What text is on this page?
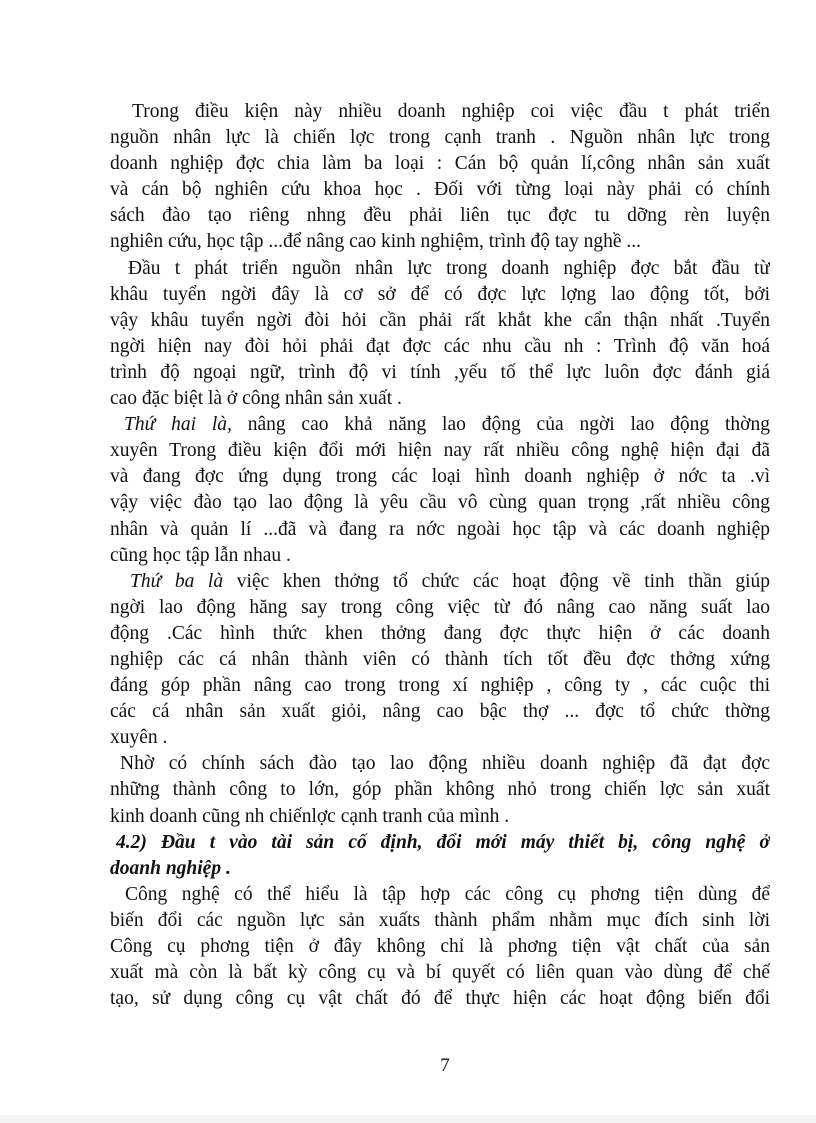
Trong điều kiện này nhiều doanh nghiệp coi việc đầu t phát triển
nguồn nhân lực là chiến lợc trong cạnh tranh . Nguồn nhân lực trong
doanh nghiệp đợc chia làm ba loại : Cán bộ quản lí,công nhân sản xuất
và cán bộ nghiên cứu khoa học . Đối với từng loại này phải có chính
sách đào tạo riêng nhng đều phải liên tục đợc tu dỡng rèn luyện
nghiên cứu, học tập ...để nâng cao kinh nghiệm, trình độ tay nghề ...
Đầu t phát triển nguồn nhân lực trong doanh nghiệp đợc bắt đầu từ
khâu tuyển ngời đây là cơ sở để có đợc lực lợng lao động tốt, bởi
vậy khâu tuyển ngời đòi hỏi cần phải rất khắt khe cẩn thận nhất .Tuyển
ngời hiện nay đòi hỏi phải đạt đợc các nhu cầu nh : Trình độ văn hoá
trình độ ngoại ngữ, trình độ vi tính ,yếu tố thể lực luôn đợc đánh giá
cao đặc biệt là ở công nhân sản xuất .
Thứ hai là, nâng cao khả năng lao động của ngời lao động thờng
xuyên Trong điều kiện đổi mới hiện nay rất nhiều công nghệ hiện đại đã
và đang đợc ứng dụng trong các loại hình doanh nghiệp ở nớc ta .vì
vậy việc đào tạo lao động là yêu cầu vô cùng quan trọng ,rất nhiều công
nhân và quản lí ...đã và đang ra nớc ngoài học tập và các doanh nghiệp
cũng học tập lẫn nhau .
Thứ ba là việc khen thởng tổ chức các hoạt động về tinh thần giúp
ngời lao động hăng say trong công việc từ đó nâng cao năng suất lao
động .Các hình thức khen thởng đang đợc thực hiện ở các doanh
nghiệp các cá nhân thành viên có thành tích tốt đều đợc thởng xứng
đáng góp phần nâng cao trong trong xí nghiệp , công ty , các cuộc thi
các cá nhân sản xuất giỏi, nâng cao bậc thợ ... đợc tổ chức thờng
xuyên .
Nhờ có chính sách đào tạo lao động nhiều doanh nghiệp đã đạt đợc
những thành công to lớn, góp phần không nhỏ trong chiến lợc sản xuất
kinh doanh cũng nh chiếnlợc cạnh tranh của mình .
4.2) Đầu t vào tài sản cố định, đổi mới máy thiết bị, công nghệ ở
doanh nghiệp .
Công nghệ có thể hiểu là tập hợp các công cụ phơng tiện dùng để
biến đổi các nguồn lực sản xuấts thành phẩm nhằm mục đích sinh lời
Công cụ phơng tiện ở đây không chỉ là phơng tiện vật chất của sản
xuất mà còn là bất kỳ công cụ và bí quyết có liên quan vào dùng để chế
tạo, sử dụng công cụ vật chất đó để thực hiện các hoạt động biến đổi
7
